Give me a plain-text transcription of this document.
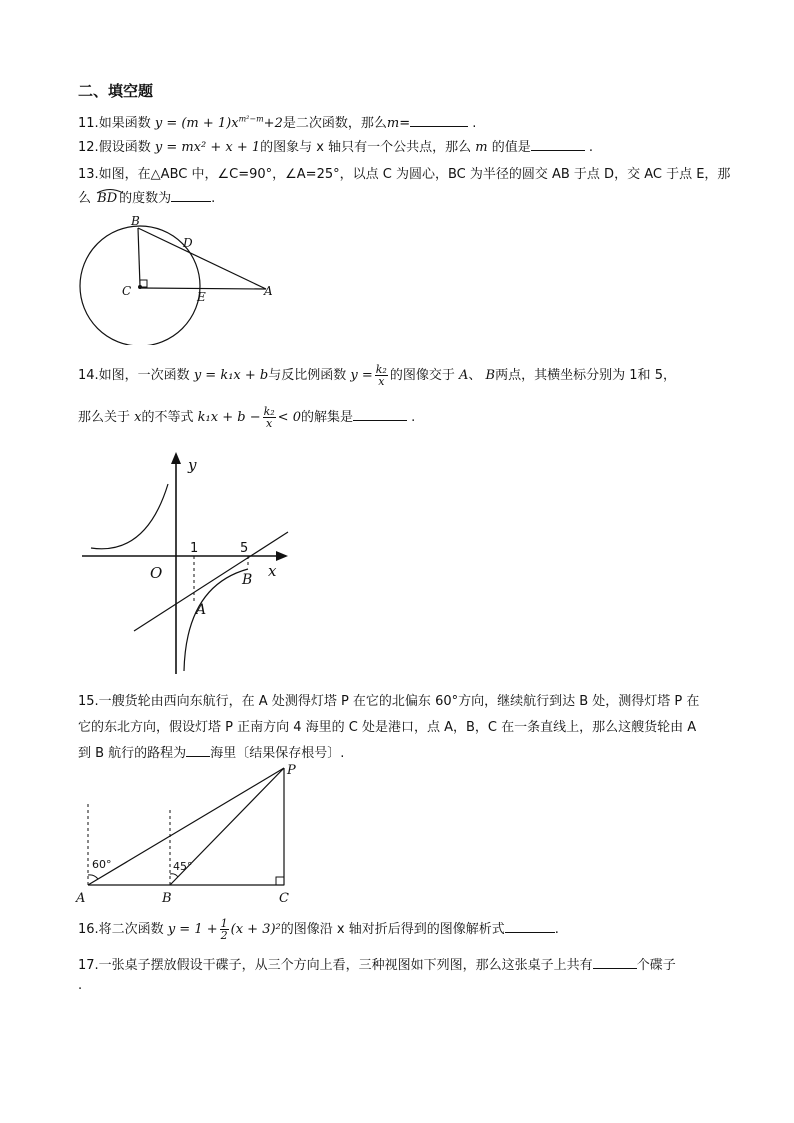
二、填空题
11.如果函数 $y = (m + 1)x^{m^2-m}+2$是二次函数，那么m=	.
12.假设函数 y = mx² + x + 1的图象与 x 轴只有一个公共点，那么 m 的值是	.
13.如图，在△ABC 中，∠C=90°，∠A=25°，以点 C 为圆心，BC 为半径的圆交 AB 于点 D，交 AC 于点 E，那
么 BD 的度数为	.
B
D
C	E	A
14.如图，一次函数 y = k₁x + b与反比例函数 $y = \frac{\text{k₂}}{x}$ 的图像交于 A、 B两点，其横坐标分别为 1和 5，
那么关于 x的不等式 $k_1x + b - \frac{\text{k₂}}{x} < 0$的解集是	.
y
x
O
1	5
A
B
15.一艘货轮由西向东航行，在 A 处测得灯塔 P 在它的北偏东 60°方向，继续航行到达 B 处，测得灯塔 P 在
它的东北方向，假设灯塔 P 正南方向 4 海里的 C 处是港口，点 A，B，C 在一条直线上，那么这艘货轮由 A
到 B 航行的路程为 海里〔结果保存根号〕.
60°	45°
P
A	B	C
16.将二次函数 $y = 1 + \frac{1}{2} (x + 3)^2$的图像沿 x 轴对折后得到的图像解析式	.
17.一张桌子摆放假设干碟子，从三个方向上看，三种视图如下列图，那么这张桌子上共有	个碟子
.
